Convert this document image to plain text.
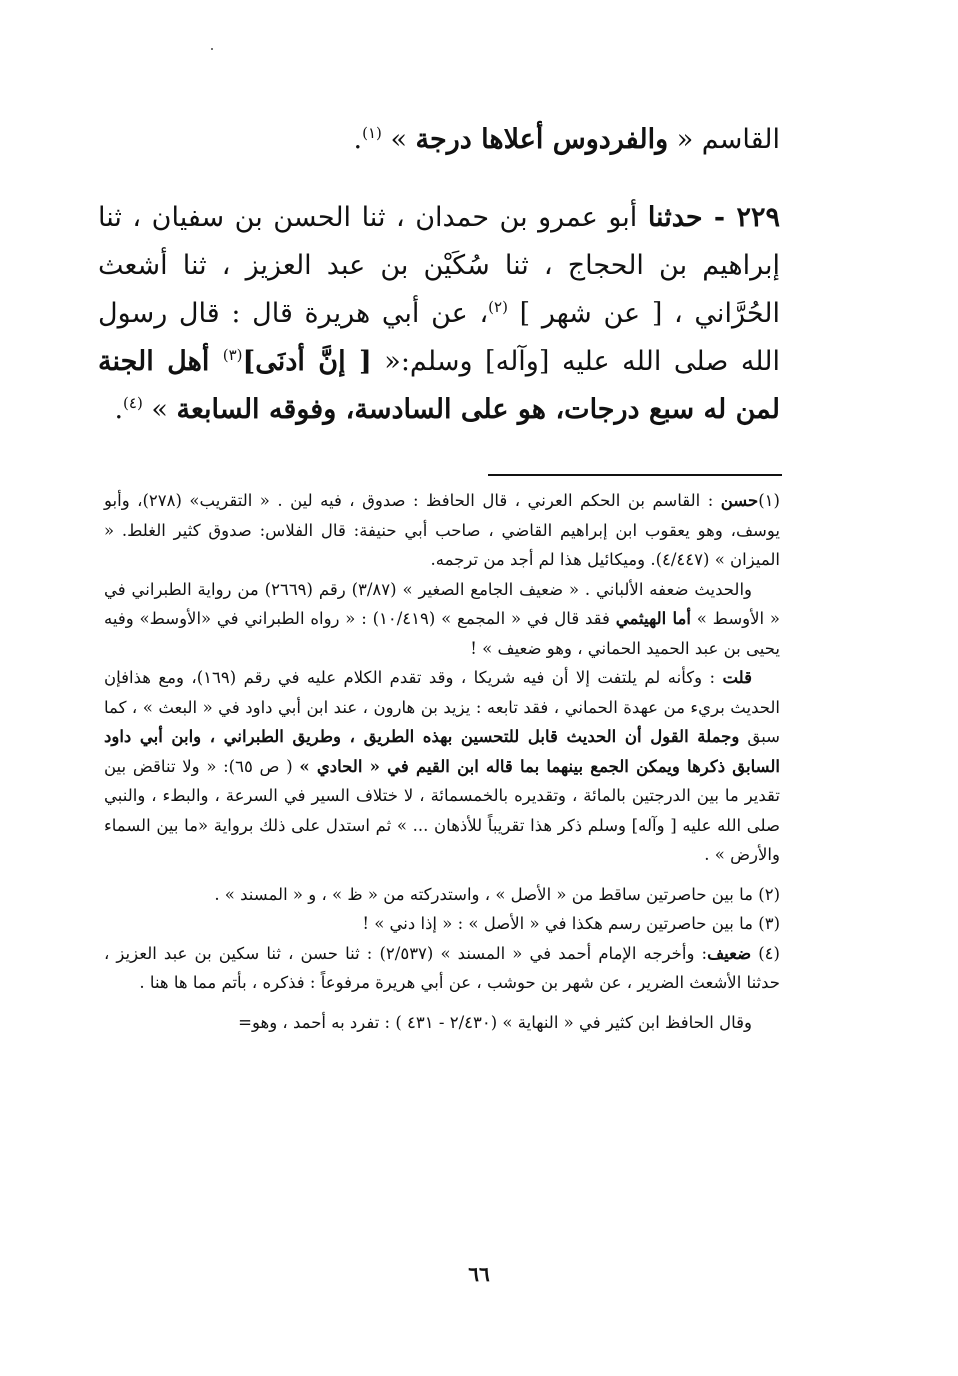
القاسم « والفردوس أعلاها درجة » $^{(١)}$.

٢٢٩ - حدثنا أبو عمرو بن حمدان ، ثنا الحسن بن سفيان ، ثنا إبراهيم بن الحجاج ، ثنا سُكَيْن بن عبد العزيز ، ثنا أشعث الحُرَّاني ، [ عن شهر ] $^{(٢)}$، عن أبي هريرة قال : قال رسول الله صلى الله عليه [وآله] وسلم:« [ إنَّ أدنَى]$^{(٣)}$ أهل الجنة لمن له سبع درجات، هو على السادسة، وفوقه السابعة » $^{(٤)}$.

(١)حسن : القاسم بن الحكم العرني ، قال الحافظ : صدوق ، فيه لين . « التقريب» (٢٧٨)، وأبو يوسف، وهو يعقوب ابن إبراهيم القاضي ، صاحب أبي حنيفة: قال الفلاس: صدوق كثير الغلط. « الميزان » (٤/٤٤٧). وميكائيل هذا لم أجد من ترجمه.

والحديث ضعفه الألباني . « ضعيف الجامع الصغير » (٣/٨٧) رقم (٢٦٦٩) من رواية الطبراني في « الأوسط » أما الهيثمي فقد قال في « المجمع » (١٠/٤١٩) : « رواه الطبراني في «الأوسط» وفيه يحيى بن عبد الحميد الحماني ، وهو ضعيف » !

قلت : وكأنه لم يلتفت إلا أن فيه شريكا ، وقد تقدم الكلام عليه في رقم (١٦٩)، ومع هذافإن الحديث بريء من عهدة الحماني ، فقد تابعه : يزيد بن هارون ، عند ابن أبي داود في « البعث » ، كما سبق وجملة القول أن الحديث قابل للتحسين بهذه الطريق ، وطريق الطبراني ، وابن أبي داود السابق ذكرها ويمكن الجمع بينهما بما قاله ابن القيم في « الحادي » ( ص ٦٥): « ولا تناقض بين تقدير ما بين الدرجتين بالمائة ، وتقديره بالخمسمائة ، لا ختلاف السير في السرعة ، والبطء ، والنبي صلى الله عليه [ وآله] وسلم ذكر هذا تقريباً للأذهان ... » ثم استدل على ذلك برواية «ما بين السماء والأرض » .

(٢) ما بين حاصرتين ساقط من « الأصل » ، واستدركته من « ظ » ، و « المسند » .

(٣) ما بين حاصرتين رسم هكذا في « الأصل » : « إذا دني » !

(٤) ضعيف: وأخرجه الإمام أحمد في « المسند » (٢/٥٣٧) : ثنا حسن ، ثنا سكين بن عبد العزيز ، حدثنا الأشعث الضرير ، عن شهر بن حوشب ، عن أبي هريرة مرفوعاً : فذكره ، بأتم مما ها هنا .

وقال الحافظ ابن كثير في « النهاية » (٢/٤٣٠ - ٤٣١ ) : تفرد به أحمد ، وهو=

٦٦
